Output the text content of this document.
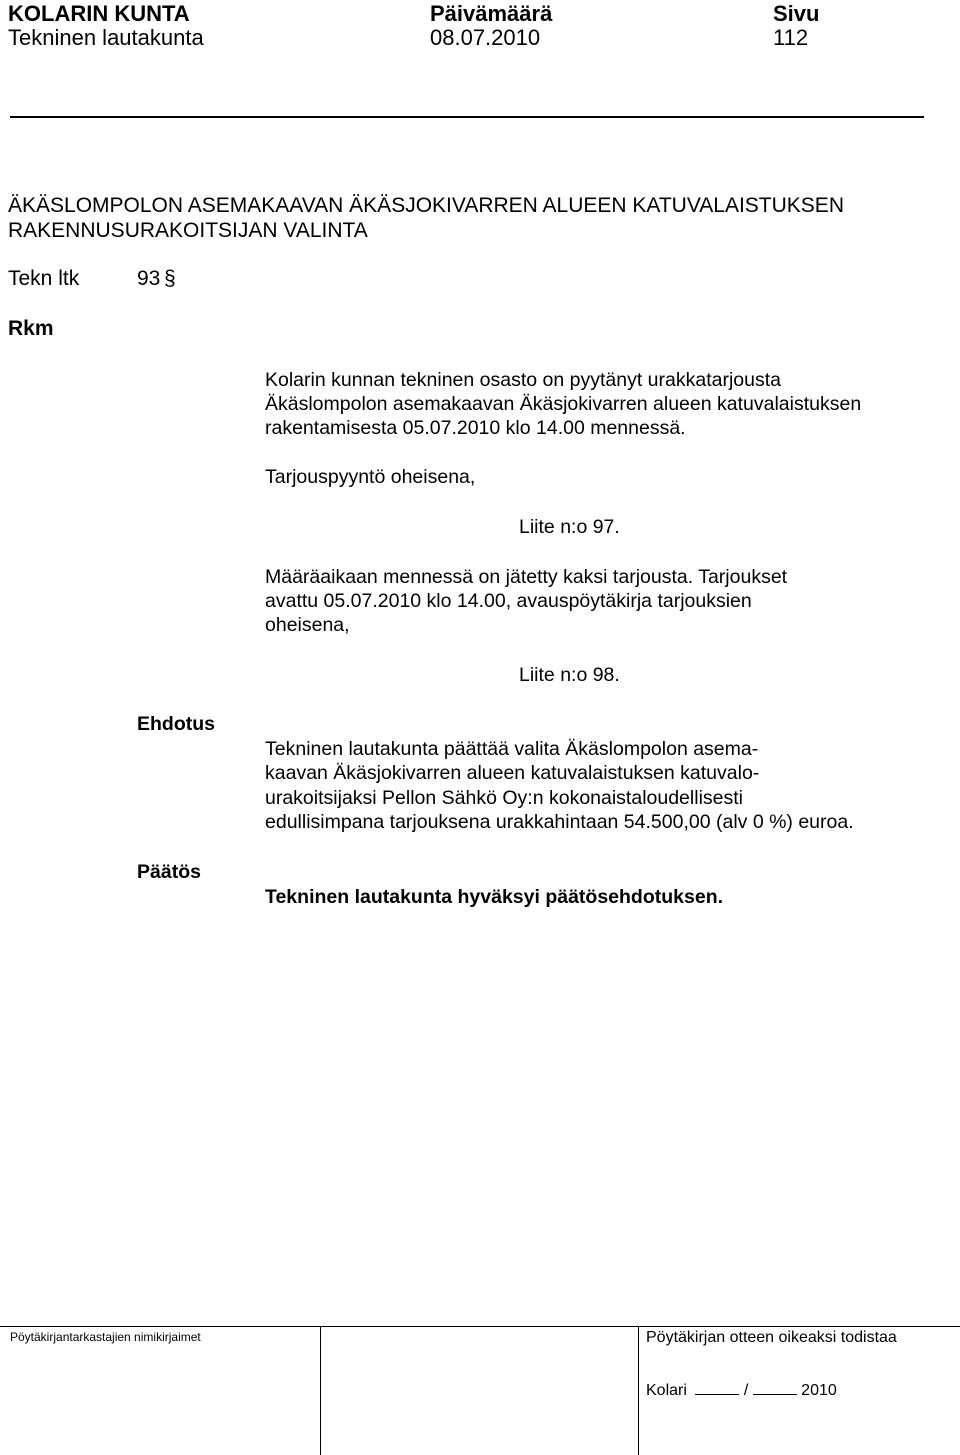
KOLARIN KUNTA
Tekninen lautakunta
Päivämäärä
08.07.2010
Sivu
112
ÄKÄSLOMPOLON ASEMAKAAVAN ÄKÄSJOKIVARREN ALUEEN KATUVALAISTUKSEN
RAKENNUSURAKOITSIJAN VALINTA
Tekn ltk	93 §
Rkm
Kolarin kunnan tekninen osasto on pyytänyt urakkatarjousta
Äkäslompolon asemakaavan Äkäsjokivarren alueen katuvalaistuksen
rakentamisesta 05.07.2010 klo 14.00 mennessä.
Tarjouspyyntö oheisena,
Liite n:o 97.
Määräaikaan mennessä on jätetty kaksi tarjousta. Tarjoukset
avattu 05.07.2010 klo 14.00, avauspöytäkirja tarjouksien
oheisena,
Liite n:o 98.
Ehdotus
Tekninen lautakunta päättää valita Äkäslompolon asema-
kaavan Äkäsjokivarren alueen katuvalaistuksen katuvalo-
urakoitsijaksi Pellon Sähkö Oy:n kokonaistaloudellisesti
edullisimpana tarjouksena urakkahintaan 54.500,00 (alv 0 %) euroa.
Päätös
Tekninen lautakunta hyväksyi päätösehdotuksen.
Pöytäkirjantarkastajien nimikirjaimet	Pöytäkirjan otteen oikeaksi todistaa
Kolari	/	2010
